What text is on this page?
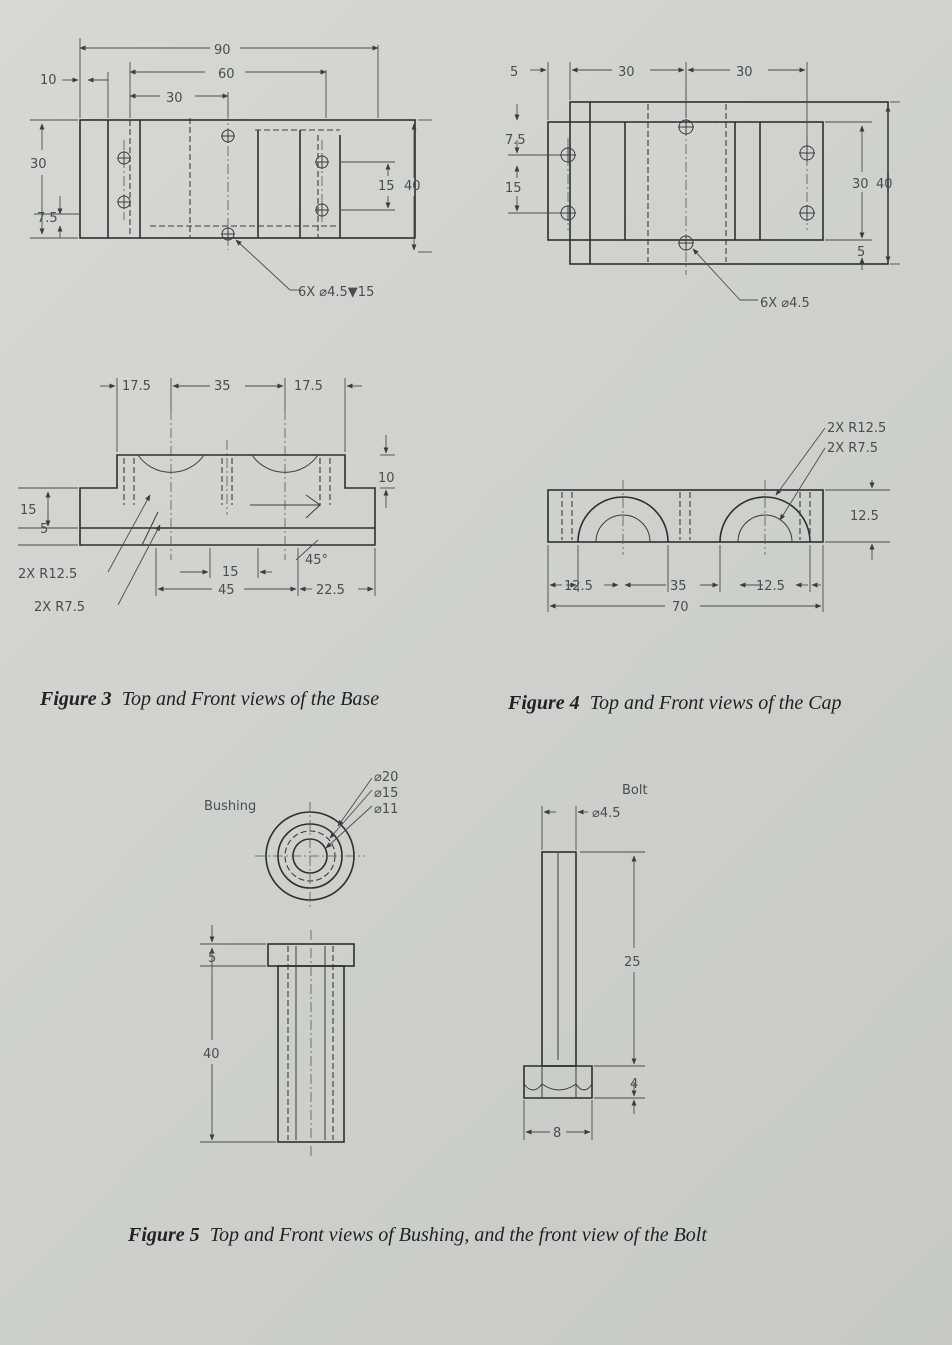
90
60
30
10
30
7.5
15 40
6X ⌀4.5▼15
17.5	35	17.5
10
15
5
15
45
45°
22.5
2X R12.5
2X R7.5
5	30	30
7.5
15	30 40
5
6X ⌀4.5
12.5
12.5	35	12.5
70
2X R12.5
2X R7.5
Bushing
⌀20
⌀15
⌀11
5
40
Bolt
⌀4.5
25
4
8
Figure 3 Top and Front views of the Base	Figure 4 Top and Front views of the Cap
Figure 5 Top and Front views of Bushing, and the front view of the Bolt
